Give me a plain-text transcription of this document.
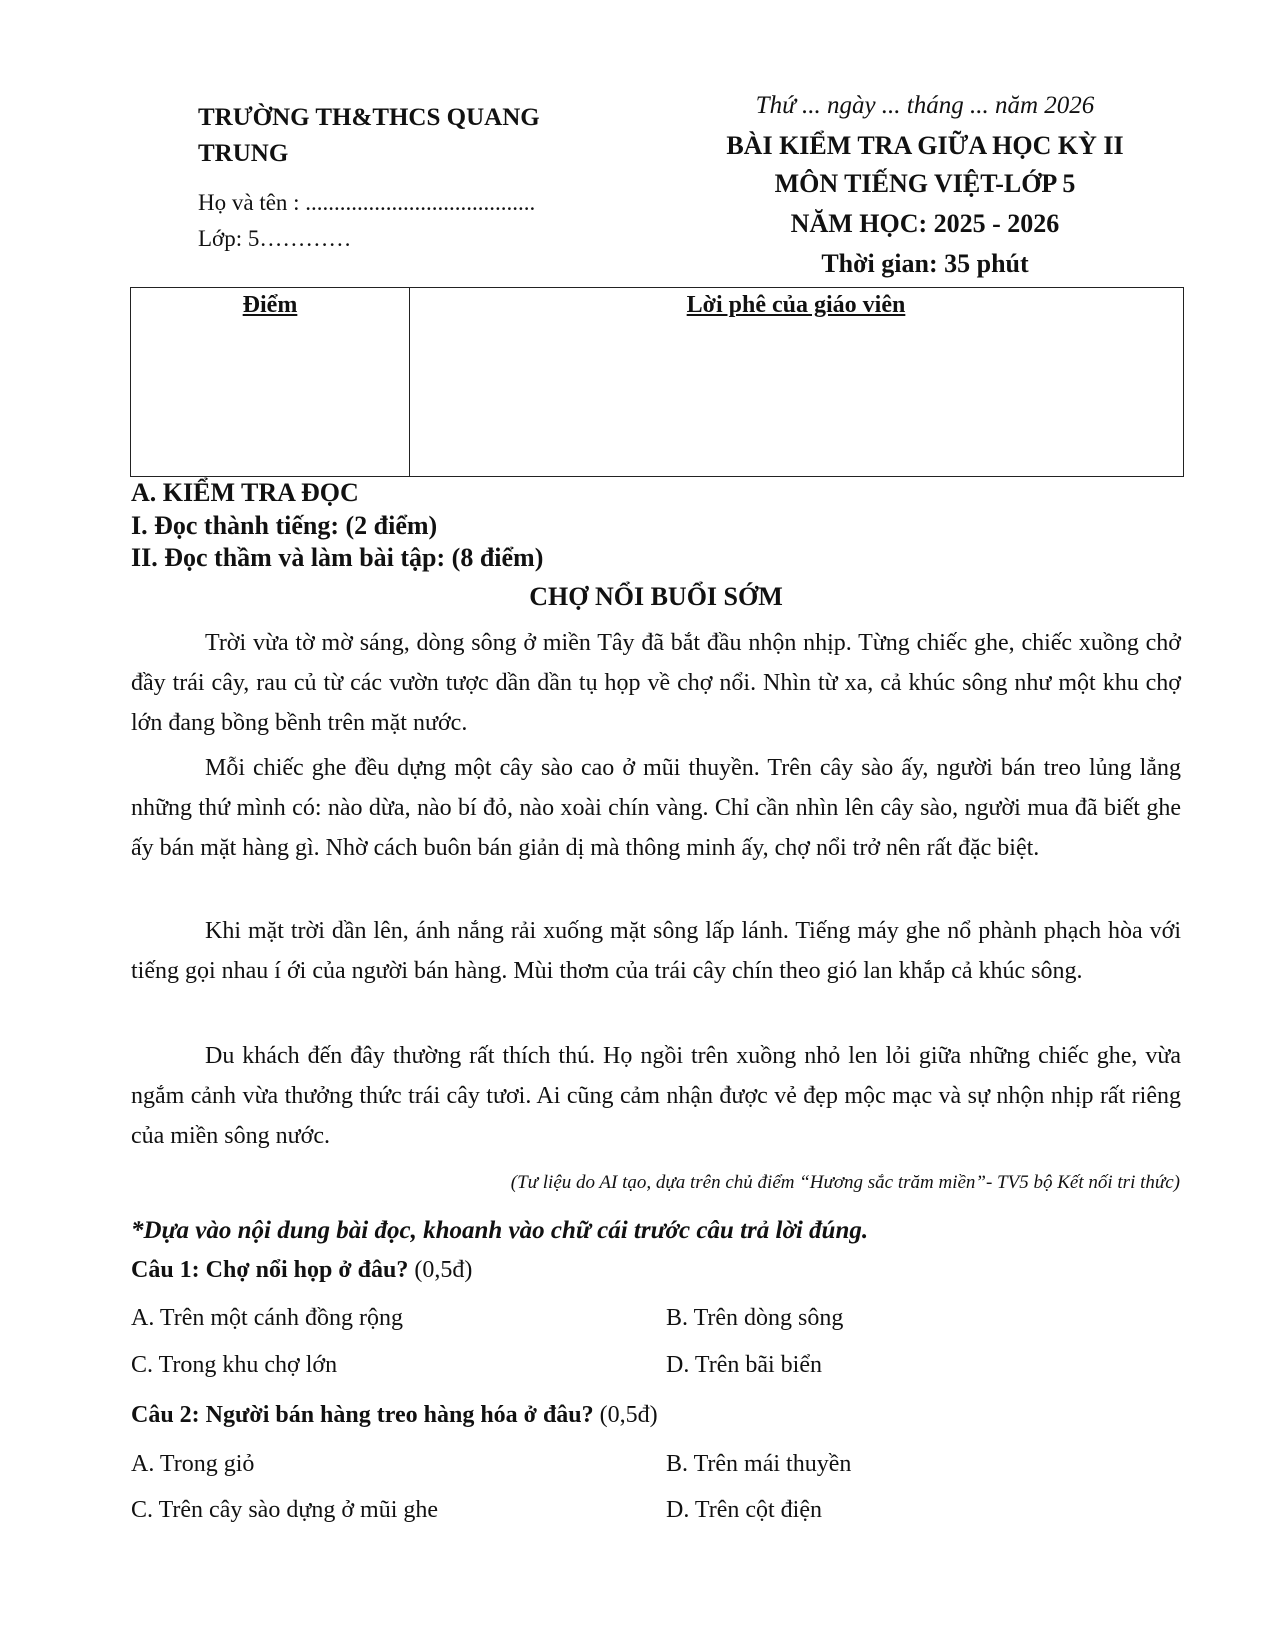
TRƯỜNG TH&THCS QUANG TRUNG
Họ và tên : ........................................
Lớp: 5…………
Thứ ... ngày ... tháng ... năm 2026
BÀI KIỂM TRA GIỮA HỌC KỲ II
MÔN TIẾNG VIỆT-LỚP 5
NĂM HỌC: 2025 - 2026
Thời gian: 35 phút
Điểm	Lời phê của giáo viên
A. KIỂM TRA ĐỌC
I. Đọc thành tiếng: (2 điểm)
II. Đọc thầm và làm bài tập: (8 điểm)
CHỢ NỔI BUỔI SỚM

Trời vừa tờ mờ sáng, dòng sông ở miền Tây đã bắt đầu nhộn nhịp. Từng chiếc ghe, chiếc xuồng chở đầy trái cây, rau củ từ các vườn tược dần dần tụ họp về chợ nổi. Nhìn từ xa, cả khúc sông như một khu chợ lớn đang bồng bềnh trên mặt nước.

Mỗi chiếc ghe đều dựng một cây sào cao ở mũi thuyền. Trên cây sào ấy, người bán treo lủng lẳng những thứ mình có: nào dừa, nào bí đỏ, nào xoài chín vàng. Chỉ cần nhìn lên cây sào, người mua đã biết ghe ấy bán mặt hàng gì. Nhờ cách buôn bán giản dị mà thông minh ấy, chợ nổi trở nên rất đặc biệt.

Khi mặt trời dần lên, ánh nắng rải xuống mặt sông lấp lánh. Tiếng máy ghe nổ phành phạch hòa với tiếng gọi nhau í ới của người bán hàng. Mùi thơm của trái cây chín theo gió lan khắp cả khúc sông.

Du khách đến đây thường rất thích thú. Họ ngồi trên xuồng nhỏ len lỏi giữa những chiếc ghe, vừa ngắm cảnh vừa thưởng thức trái cây tươi. Ai cũng cảm nhận được vẻ đẹp mộc mạc và sự nhộn nhịp rất riêng của miền sông nước.

(Tư liệu do AI tạo, dựa trên chủ điểm “Hương sắc trăm miền”- TV5 bộ Kết nối tri thức)
*Dựa vào nội dung bài đọc, khoanh vào chữ cái trước câu trả lời đúng.
Câu 1: Chợ nổi họp ở đâu? (0,5đ)
A. Trên một cánh đồng rộng	B. Trên dòng sông
C. Trong khu chợ lớn	D. Trên bãi biển
Câu 2: Người bán hàng treo hàng hóa ở đâu? (0,5đ)
A. Trong giỏ	B. Trên mái thuyền
C. Trên cây sào dựng ở mũi ghe	D. Trên cột điện
